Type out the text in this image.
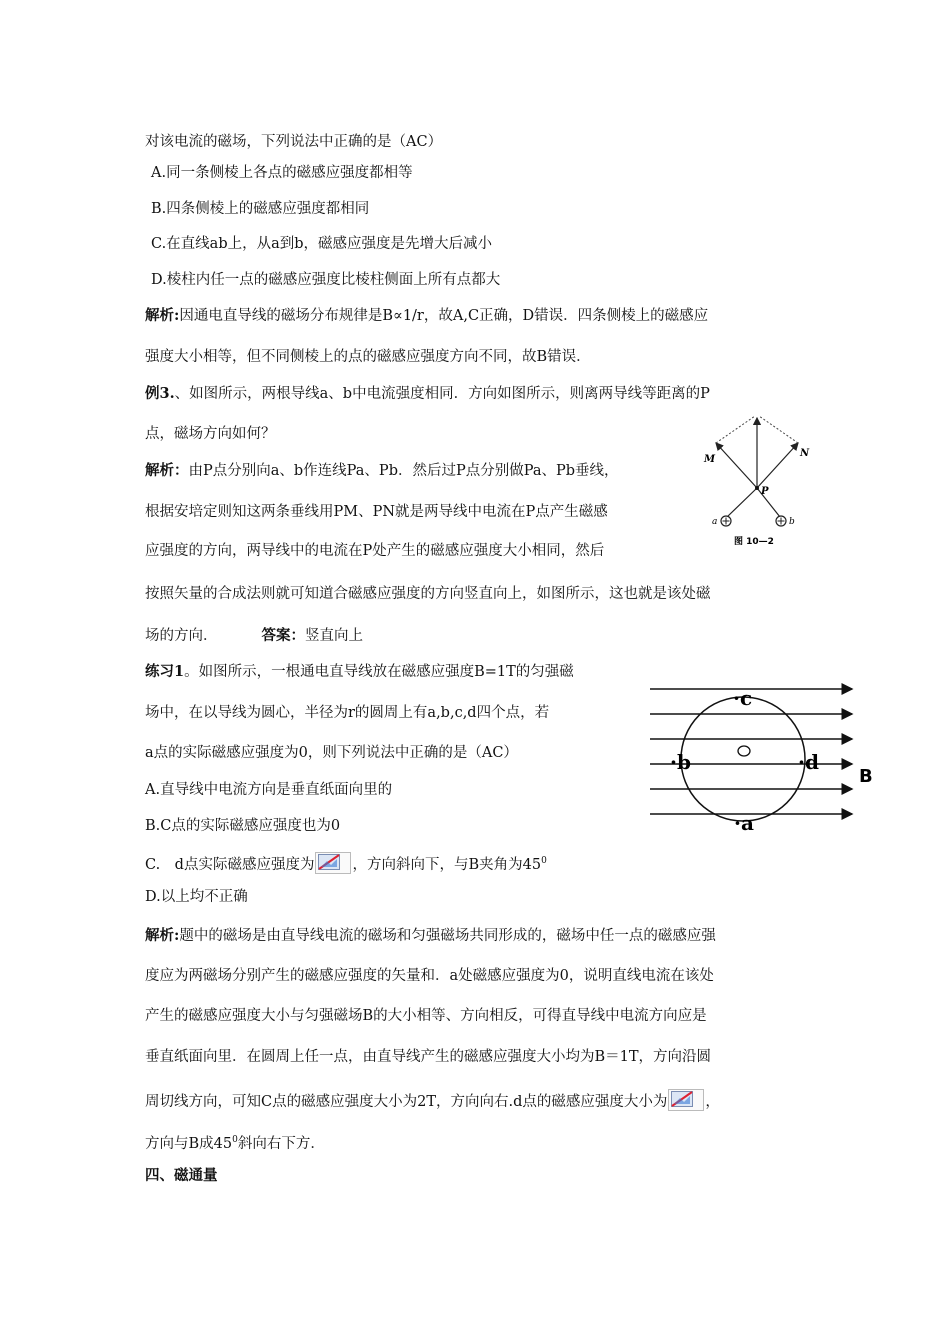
对该电流的磁场，下列说法中正确的是（AC）
A.同一条侧棱上各点的磁感应强度都相等
B.四条侧棱上的磁感应强度都相同
C.在直线ab上，从a到b，磁感应强度是先增大后减小
D.棱柱内任一点的磁感应强度比棱柱侧面上所有点都大
解析:因通电直导线的磁场分布规律是B∝1/r，故A,C正确，D错误．四条侧棱上的磁感应
强度大小相等，但不同侧棱上的点的磁感应强度方向不同，故B错误．
例3.、如图所示，两根导线a、b中电流强度相同．方向如图所示，则离两导线等距离的P
点，磁场方向如何？
解析：由P点分别向a、b作连线Pa、Pb．然后过P点分别做Pa、Pb垂线，
根据安培定则知这两条垂线用PM、PN就是两导线中电流在P点产生磁感
应强度的方向，两导线中的电流在P处产生的磁感应强度大小相同，然后
按照矢量的合成法则就可知道合磁感应强度的方向竖直向上，如图所示，这也就是该处磁
场的方向．	答案：竖直向上
M
N
P
a	b
图 10—2
练习1。如图所示，一根通电直导线放在磁感应强度B=1T的匀强磁
场中，在以导线为圆心，半径为r的圆周上有a,b,c,d四个点，若
a点的实际磁感应强度为0，则下列说法中正确的是（AC）
A.直导线中电流方向是垂直纸面向里的
B.C点的实际磁感应强度也为0
C.　d点实际磁感应强度为	，方向斜向下，与B夹角为$45^0$
D.以上均不正确
·c
·b	·d
·a
B
解析:题中的磁场是由直导线电流的磁场和匀强磁场共同形成的，磁场中任一点的磁感应强
度应为两磁场分别产生的磁感应强度的矢量和．a处磁感应强度为0，说明直线电流在该处
产生的磁感应强度大小与匀强磁场B的大小相等、方向相反，可得直导线中电流方向应是
垂直纸面向里．在圆周上任一点，由直导线产生的磁感应强度大小均为B＝1T，方向沿圆
周切线方向，可知C点的磁感应强度大小为2T，方向向右.d点的磁感应强度大小为	，
方向与B成$45^0$斜向右下方．
四、磁通量
